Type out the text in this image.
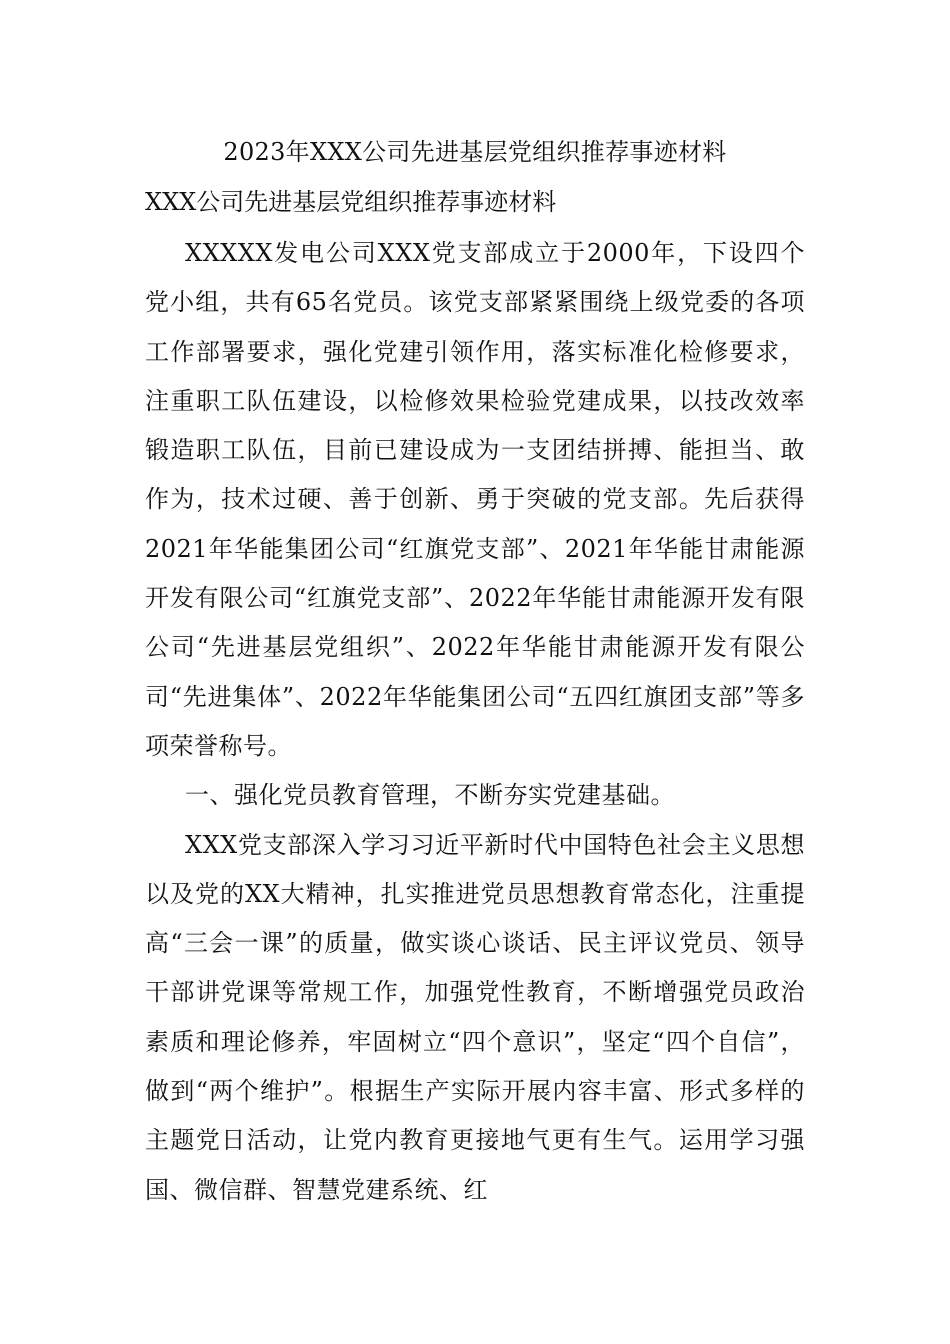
2023年XXX公司先进基层党组织推荐事迹材料
XXX公司先进基层党组织推荐事迹材料

XXXXX发电公司XXX党支部成立于2000年，下设四个党小组，共有65名党员。该党支部紧紧围绕上级党委的各项工作部署要求，强化党建引领作用，落实标准化检修要求，注重职工队伍建设，以检修效果检验党建成果，以技改效率锻造职工队伍，目前已建设成为一支团结拼搏、能担当、敢作为，技术过硬、善于创新、勇于突破的党支部。先后获得2021年华能集团公司“红旗党支部”、2021年华能甘肃能源开发有限公司“红旗党支部”、2022年华能甘肃能源开发有限公司“先进基层党组织”、2022年华能甘肃能源开发有限公司“先进集体”、2022年华能集团公司“五四红旗团支部”等多项荣誉称号。

一、强化党员教育管理，不断夯实党建基础。

XXX党支部深入学习习近平新时代中国特色社会主义思想以及党的XX大精神，扎实推进党员思想教育常态化，注重提高“三会一课”的质量，做实谈心谈话、民主评议党员、领导干部讲党课等常规工作，加强党性教育，不断增强党员政治素质和理论修养，牢固树立“四个意识”，坚定“四个自信”，做到“两个维护”。根据生产实际开展内容丰富、形式多样的主题党日活动，让党内教育更接地气更有生气。运用学习强国、微信群、智慧党建系统、红
